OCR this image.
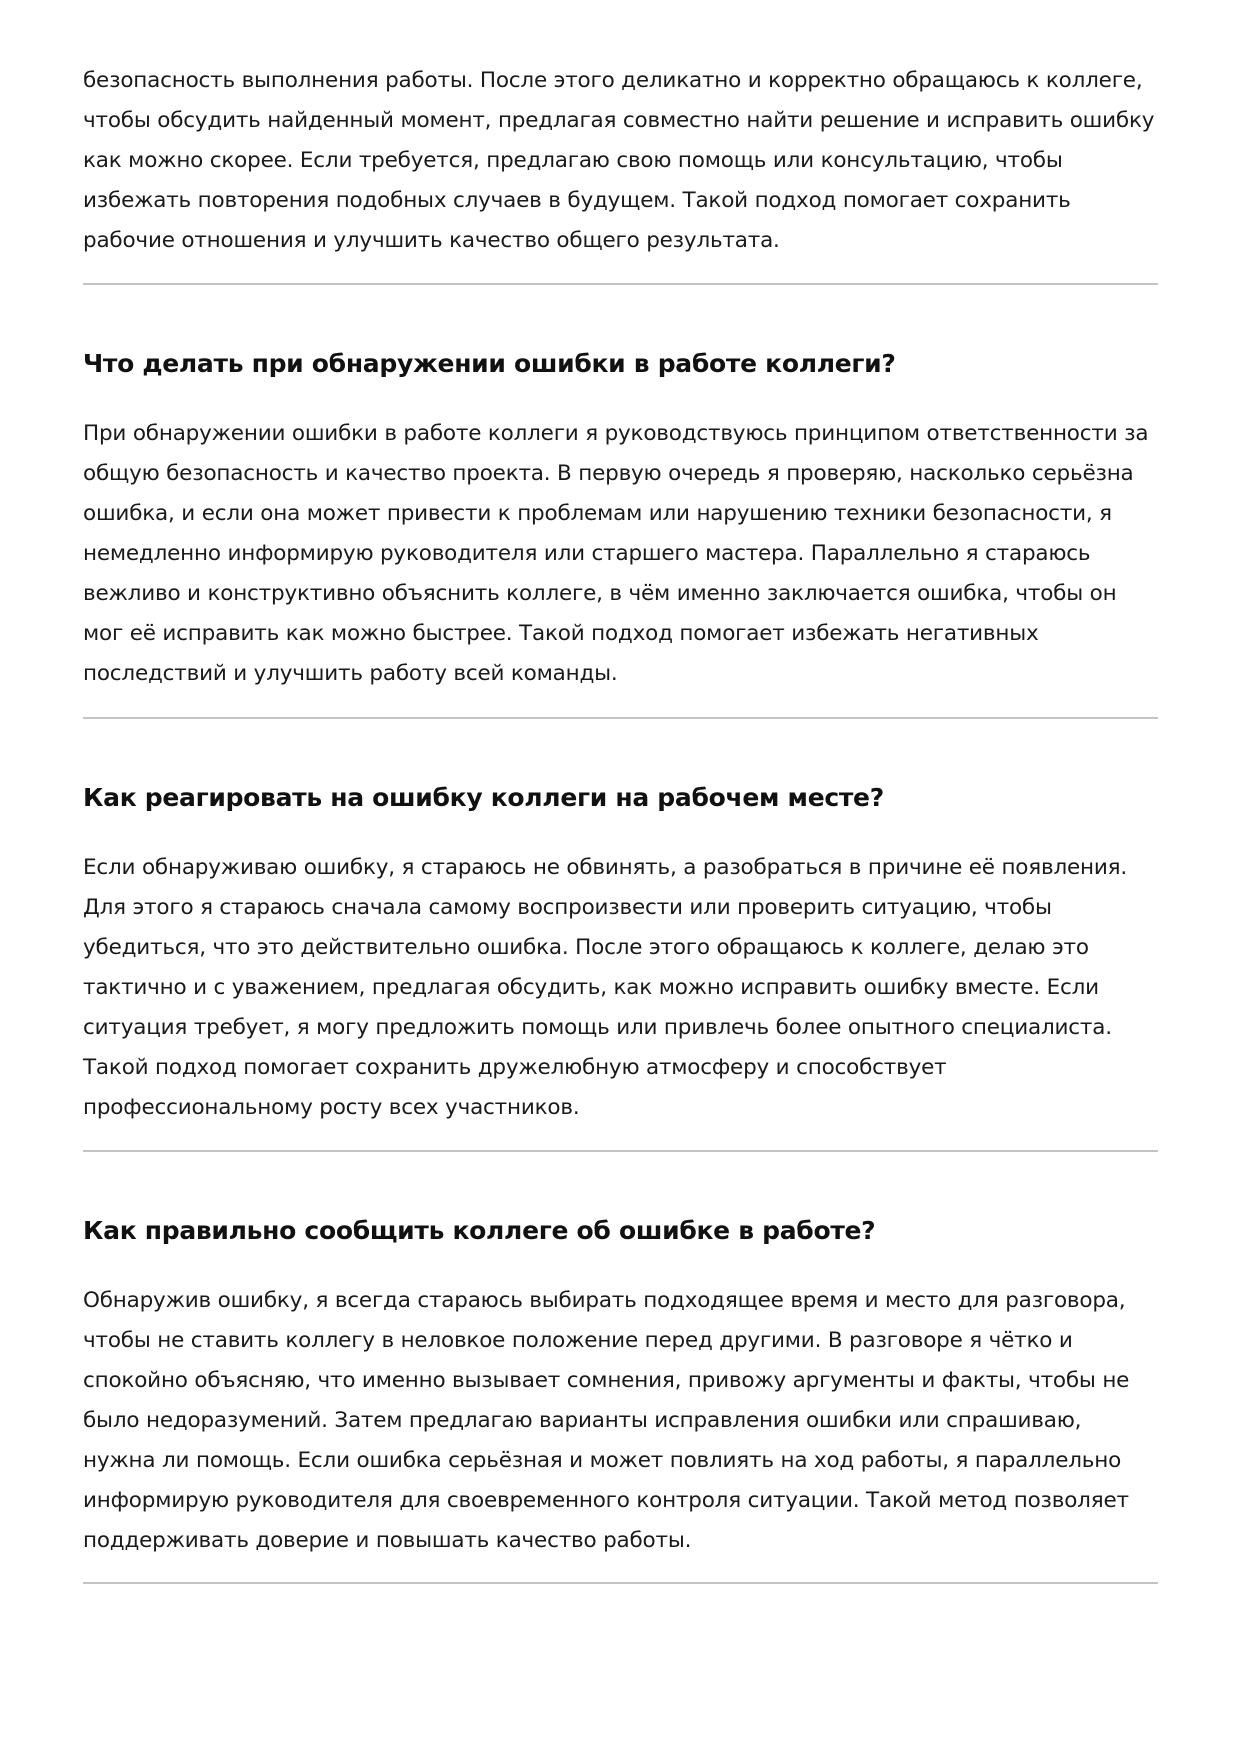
безопасность выполнения работы. После этого деликатно и корректно обращаюсь к коллеге, чтобы обсудить найденный момент, предлагая совместно найти решение и исправить ошибку как можно скорее. Если требуется, предлагаю свою помощь или консультацию, чтобы избежать повторения подобных случаев в будущем. Такой подход помогает сохранить рабочие отношения и улучшить качество общего результата.

Что делать при обнаружении ошибки в работе коллеги?

При обнаружении ошибки в работе коллеги я руководствуюсь принципом ответственности за общую безопасность и качество проекта. В первую очередь я проверяю, насколько серьёзна ошибка, и если она может привести к проблемам или нарушению техники безопасности, я немедленно информирую руководителя или старшего мастера. Параллельно я стараюсь вежливо и конструктивно объяснить коллеге, в чём именно заключается ошибка, чтобы он мог её исправить как можно быстрее. Такой подход помогает избежать негативных последствий и улучшить работу всей команды.

Как реагировать на ошибку коллеги на рабочем месте?

Если обнаруживаю ошибку, я стараюсь не обвинять, а разобраться в причине её появления. Для этого я стараюсь сначала самому воспроизвести или проверить ситуацию, чтобы убедиться, что это действительно ошибка. После этого обращаюсь к коллеге, делаю это тактично и с уважением, предлагая обсудить, как можно исправить ошибку вместе. Если ситуация требует, я могу предложить помощь или привлечь более опытного специалиста. Такой подход помогает сохранить дружелюбную атмосферу и способствует профессиональному росту всех участников.

Как правильно сообщить коллеге об ошибке в работе?

Обнаружив ошибку, я всегда стараюсь выбирать подходящее время и место для разговора, чтобы не ставить коллегу в неловкое положение перед другими. В разговоре я чётко и спокойно объясняю, что именно вызывает сомнения, привожу аргументы и факты, чтобы не было недоразумений. Затем предлагаю варианты исправления ошибки или спрашиваю, нужна ли помощь. Если ошибка серьёзная и может повлиять на ход работы, я параллельно информирую руководителя для своевременного контроля ситуации. Такой метод позволяет поддерживать доверие и повышать качество работы.
